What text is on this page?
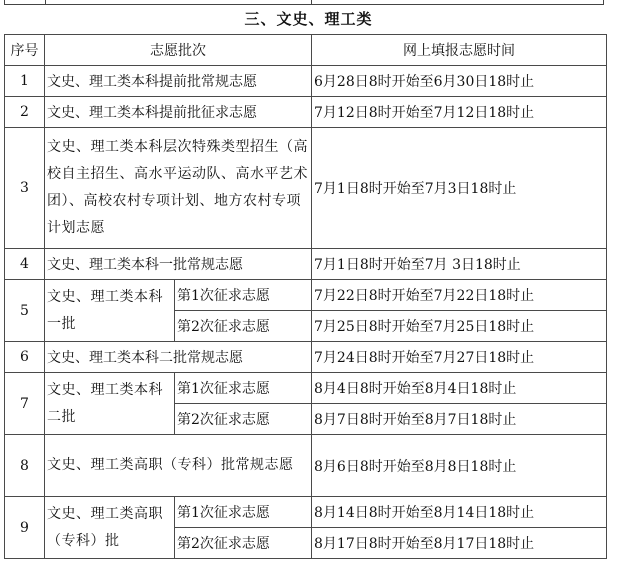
三、文史、理工类
序号	志愿批次		网上填报志愿时间
1	文史、理工类本科提前批常规志愿		6月28日8时开始至6月30日18时止
2	文史、理工类本科提前批征求志愿		7月12日8时开始至7月12日18时止
3	文史、理工类本科层次特殊类型招生（高校自主招生、高水平运动队、高水平艺术团）、高校农村专项计划、地方农村专项计划志愿		7月1日8时开始至7月3日18时止
4	文史、理工类本科一批常规志愿		7月1日8时开始至7月 3日18时止
5	文史、理工类本科一批	第1次征求志愿	7月22日8时开始至7月22日18时止
		第2次征求志愿	7月25日8时开始至7月25日18时止
6	文史、理工类本科二批常规志愿		7月24日8时开始至7月27日18时止
7	文史、理工类本科二批	第1次征求志愿	8月4日8时开始至8月4日18时止
		第2次征求志愿	8月7日8时开始至8月7日18时止
8	文史、理工类高职（专科）批常规志愿		8月6日8时开始至8月8日18时止
9	文史、理工类高职（专科）批	第1次征求志愿	8月14日8时开始至8月14日18时止
		第2次征求志愿	8月17日8时开始至8月17日18时止
